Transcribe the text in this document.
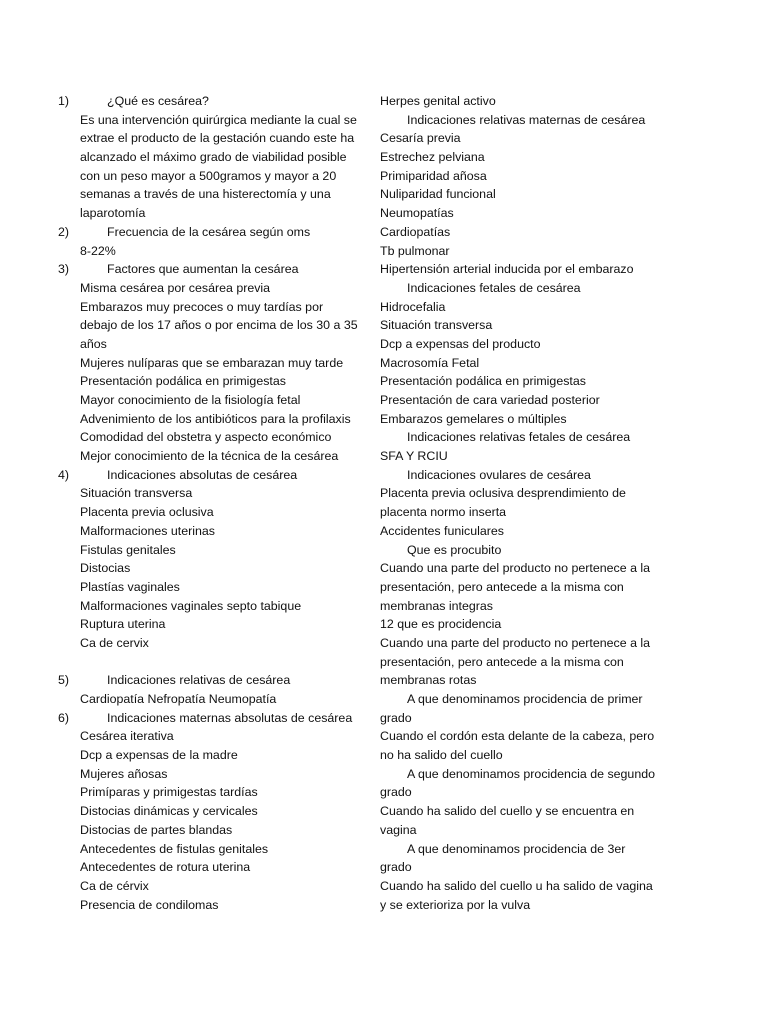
1)	¿Qué es cesárea?
Es una intervención quirúrgica mediante la cual se
extrae el producto de la gestación cuando este ha
alcanzado el máximo grado de viabilidad posible
con un peso mayor a 500gramos y mayor a 20
semanas a través de una histerectomía y una
laparotomía
2)	Frecuencia de la cesárea según oms
8-22%
3)	Factores que aumentan la cesárea
Misma cesárea por cesárea previa
Embarazos muy precoces o muy tardías por
debajo de los 17 años o por encima de los 30 a 35
años
Mujeres nulíparas que se embarazan muy tarde
Presentación podálica en primigestas
Mayor conocimiento de la fisiología fetal
Advenimiento de los antibióticos para la profilaxis
Comodidad del obstetra y aspecto económico
Mejor conocimiento de la técnica de la cesárea
4)	Indicaciones absolutas de cesárea
Situación transversa
Placenta previa oclusiva
Malformaciones uterinas
Fistulas genitales
Distocias
Plastías vaginales
Malformaciones vaginales septo tabique
Ruptura uterina
Ca de cervix
5)	Indicaciones relativas de cesárea
Cardiopatía Nefropatía Neumopatía
6)	Indicaciones maternas absolutas de cesárea
Cesárea iterativa
Dcp a expensas de la madre
Mujeres añosas
Primíparas y primigestas tardías
Distocias dinámicas y cervicales
Distocias de partes blandas
Antecedentes de fistulas genitales
Antecedentes de rotura uterina
Ca de cérvix
Presencia de condilomas
Herpes genital activo
Indicaciones relativas maternas de cesárea
Cesaría previa
Estrechez pelviana
Primiparidad añosa
Nuliparidad funcional
Neumopatías
Cardiopatías
Tb pulmonar
Hipertensión arterial inducida por el embarazo
Indicaciones fetales de cesárea
Hidrocefalia
Situación transversa
Dcp a expensas del producto
Macrosomía Fetal
Presentación podálica en primigestas
Presentación de cara variedad posterior
Embarazos gemelares o múltiples
Indicaciones relativas fetales de cesárea
SFA Y RCIU
Indicaciones ovulares de cesárea
Placenta previa oclusiva desprendimiento de
placenta normo inserta
Accidentes funiculares
Que es procubito
Cuando una parte del producto no pertenece a la
presentación, pero antecede a la misma con
membranas integras
12 que es procidencia
Cuando una parte del producto no pertenece a la
presentación, pero antecede a la misma con
membranas rotas
A que denominamos procidencia de primer
grado
Cuando el cordón esta delante de la cabeza, pero
no ha salido del cuello
A que denominamos procidencia de segundo
grado
Cuando ha salido del cuello y se encuentra en
vagina
A que denominamos procidencia de 3er
grado
Cuando ha salido del cuello u ha salido de vagina
y se exterioriza por la vulva
